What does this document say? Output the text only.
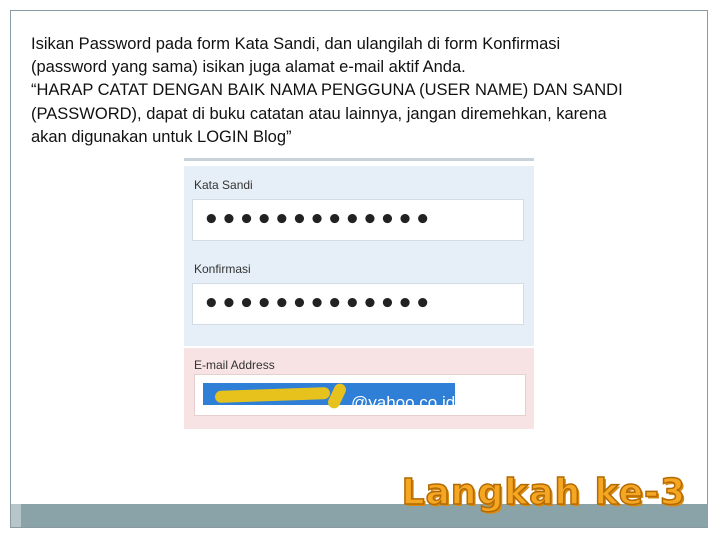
Isikan Password pada form Kata Sandi, dan ulangilah di form Konfirmasi
(password yang sama) isikan juga alamat e-mail aktif Anda.
“HARAP CATAT DENGAN BAIK NAMA PENGGUNA (USER NAME) DAN SANDI
(PASSWORD), dapat di buku catatan atau lainnya, jangan diremehkan, karena
akan digunakan untuk LOGIN Blog”
Kata Sandi
•••••••••••••
Konfirmasi
•••••••••••••
E-mail Address
@yahoo.co.id
Langkah ke-3
